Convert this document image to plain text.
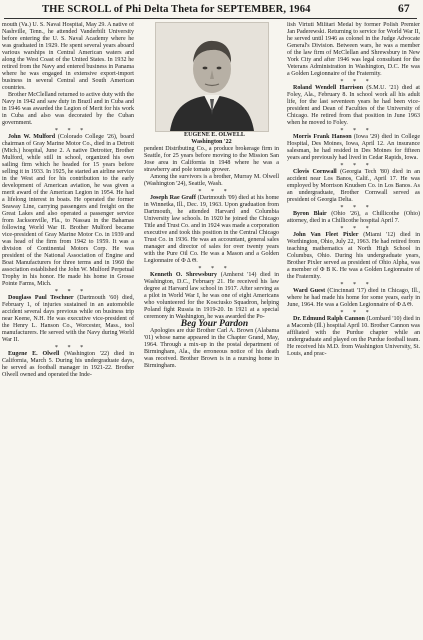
THE SCROLL of Phi Delta Theta for SEPTEMBER, 1964	67

mouth (Va.) U. S. Naval Hospital, May 29. A native of Nashville, Tenn., he attended Vanderbilt University before entering the U. S. Naval Academy where he was graduated in 1929. He spent several years aboard various warships in Central American waters and along the West Coast of the United States. In 1932 he retired from the Navy and entered business in Panama where he was engaged in extensive export-import business in several Central and South American countries.

Brother McClelland returned to active duty with the Navy in 1942 and saw duty in Brazil and in Cuba and in 1946 was awarded the Legion of Merit for his work in Cuba and also was decorated by the Cuban government.

* * *

John W. Mulford (Colorado College '26), board chairman of Gray Marine Motor Co., died in a Detroit (Mich.) hospital, June 2. A native Detroiter, Brother Mulford, while still in school, organized his own sailing firm which he headed for 15 years before selling it in 1933. In 1925, he started an airline service in the West and for his contribution to the early development of American aviation, he was given a merit award of the American Legion in 1954. He had a lifelong interest in boats. He operated the former Seaway Line, carrying passengers and freight on the Great Lakes and also operated a passenger service from Jacksonville, Fla., to Nassau in the Bahamas following World War II. Brother Mulford became vice-president of Gray Marine Motor Co. in 1939 and was head of the firm from 1942 to 1959. It was a division of Continental Motors Corp. He was president of the National Association of Engine and Boat Manufacturers for three terms and in 1960 the association established the John W. Mulford Perpetual Trophy in his honor. He made his home in Grosse Pointe Farms, Mich.

* * *

Douglass Paul Teschner (Dartmouth '60) died, February 1, of injuries sustained in an automobile accident several days previous while on business trip near Keene, N.H. He was executive vice-president of the Henry L. Hanson Co., Worcester, Mass., tool manufacturers. He served with the Navy during World War II.

* * *

Eugene E. Olwell (Washington '22) died in California, March 5. During his undergraduate days, he served as football manager in 1921-22. Brother Olwell owned and operated the Inde-

EUGENE E. OLWELL
Washington '22

pendent Distributing Co., a produce brokerage firm in Seattle, for 25 years before moving to the Mission San Jose area in California in 1948 where he was a strawberry and pole tomato grower.

Among the survivors is a brother, Murray M. Olwell (Washington '24), Seattle, Wash.

* * *

Joseph Rae Graff (Dartmouth '09) died at his home in Winnetka, Ill., Dec. 19, 1963. Upon graduation from Dartmouth, he attended Harvard and Columbia University law schools. In 1920 he joined the Chicago Title and Trust Co. and in 1924 was made a corporation executive and took this position in the Central Chicago Trust Co. in 1936. He was an accountant, general sales manager and director of sales for over twenty years with the Pure Oil Co. He was a Mason and a Golden Legionnaire of Φ Δ Θ.

* * *

Kenneth O. Shrewsbury (Amherst '14) died in Washington, D.C., February 21. He received his law degree at Harvard law school in 1917. After serving as a pilot in World War I, he was one of eight Americans who volunteered for the Kosciusko Squadron, helping Poland fight Russia in 1919-20. In 1921 at a special ceremony in Washington, he was awarded the Po-

Beg Your Pardon

Apologies are due Brother Carl A. Brown (Alabama '01) whose name appeared in the Chapter Grand, May, 1964. Through a mix-up in the postal department of Birmingham, Ala., the erroneous notice of his death was received. Brother Brown is in a nursing home in Birmingham.

lish Virtuti Militari Medal by former Polish Premier Jan Paderewski. Returning to service for World War II, he served until 1946 as colonel in the Judge Advocate General's Division. Between wars, he was a member of the law firm of McClellan and Shrewsbury in New York City and after 1946 was legal consultant for the Veterans Administration in Washington, D.C. He was a Golden Legionnaire of the Fraternity.

* * *

Roland Wendell Harrison (S.M.U. '21) died at Foley, Ala., February 8. In school work all his adult life, for the last seventeen years he had been vice-president and Dean of Faculties of the University of Chicago. He retired from that position in June 1963 when he moved to Foley.

* * *

Morris Frank Hanson (Iowa '29) died in College Hospital, Des Moines, Iowa, April 12. An insurance salesman, he had resided in Des Moines for fifteen years and previously had lived in Cedar Rapids, Iowa.

* * *

Clovis Cornwall (Georgia Tech '80) died in an accident near Los Banos, Calif., April 17. He was employed by Morrison Knudsen Co. in Los Banos. As an undergraduate, Brother Cornwall served as president of Georgia Delta.

* * *

Byron Blair (Ohio '26), a Chillicothe (Ohio) attorney, died in a Chillicothe hospital April 7.

* * *

John Van Fleet Pixler (Miami '12) died in Worthington, Ohio, July 22, 1963. He had retired from teaching mathematics at North High School in Columbus, Ohio. During his undergraduate years, Brother Pixler served as president of Ohio Alpha, was a member of Φ B K. He was a Golden Legionnaire of the Fraternity.

* * *

Ward Guest (Cincinnati '17) died in Chicago, Ill., where he had made his home for some years, early in June, 1964. He was a Golden Legionnaire of Φ Δ Θ.

* * *

Dr. Edmund Ralph Cannon (Lombard '10) died in a Macomb (Ill.) hospital April 10. Brother Cannon was affiliated with the Purdue chapter while an undergraduate and played on the Purdue football team. He received his M.D. from Washington University, St. Louis, and prac-
